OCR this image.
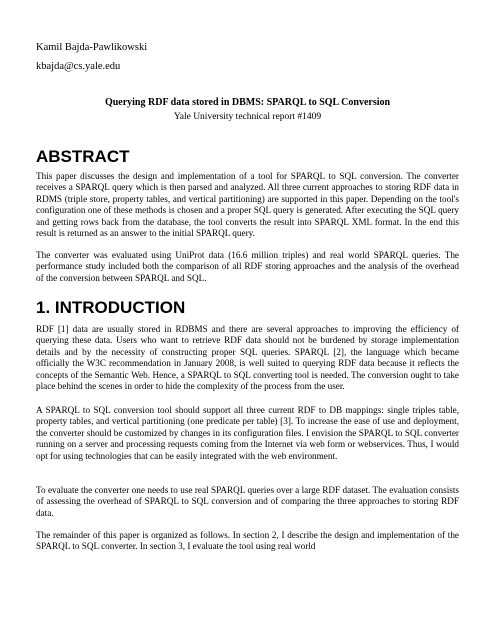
Kamil Bajda-Pawlikowski
kbajda@cs.yale.edu
Querying RDF data stored in DBMS: SPARQL to SQL Conversion
Yale University technical report #1409
ABSTRACT

This paper discusses the design and implementation of a tool for SPARQL to SQL conversion. The converter receives a SPARQL query which is then parsed and analyzed. All three current approaches to storing RDF data in RDMS (triple store, property tables, and vertical partitioning) are supported in this paper. Depending on the tool's configuration one of these methods is chosen and a proper SQL query is generated. After executing the SQL query and getting rows back from the database, the tool converts the result into SPARQL XML format. In the end this result is returned as an answer to the initial SPARQL query.

The converter was evaluated using UniProt data (16.6 million triples) and real world SPARQL queries. The performance study included both the comparison of all RDF storing approaches and the analysis of the overhead of the conversion between SPARQL and SQL.

1. INTRODUCTION

RDF [1] data are usually stored in RDBMS and there are several approaches to improving the efficiency of querying these data. Users who want to retrieve RDF data should not be burdened by storage implementation details and by the necessity of constructing proper SQL queries. SPARQL [2], the language which became officially the W3C recommendation in January 2008, is well suited to querying RDF data because it reflects the concepts of the Semantic Web. Hence, a SPARQL to SQL converting tool is needed. The conversion ought to take place behind the scenes in order to hide the complexity of the process from the user.

A SPARQL to SQL conversion tool should support all three current RDF to DB mappings: single triples table, property tables, and vertical partitioning (one predicate per table) [3]. To increase the ease of use and deployment, the converter should be customized by changes in its configuration files. I envision the SPARQL to SQL converter running on a server and processing requests coming from the Internet via web form or webservices. Thus, I would opt for using technologies that can be easily integrated with the web environment.

To evaluate the converter one needs to use real SPARQL queries over a large RDF dataset. The evaluation consists of assessing the overhead of SPARQL to SQL conversion and of comparing the three approaches to storing RDF data.

The remainder of this paper is organized as follows. In section 2, I describe the design and implementation of the SPARQL to SQL converter. In section 3, I evaluate the tool using real world
